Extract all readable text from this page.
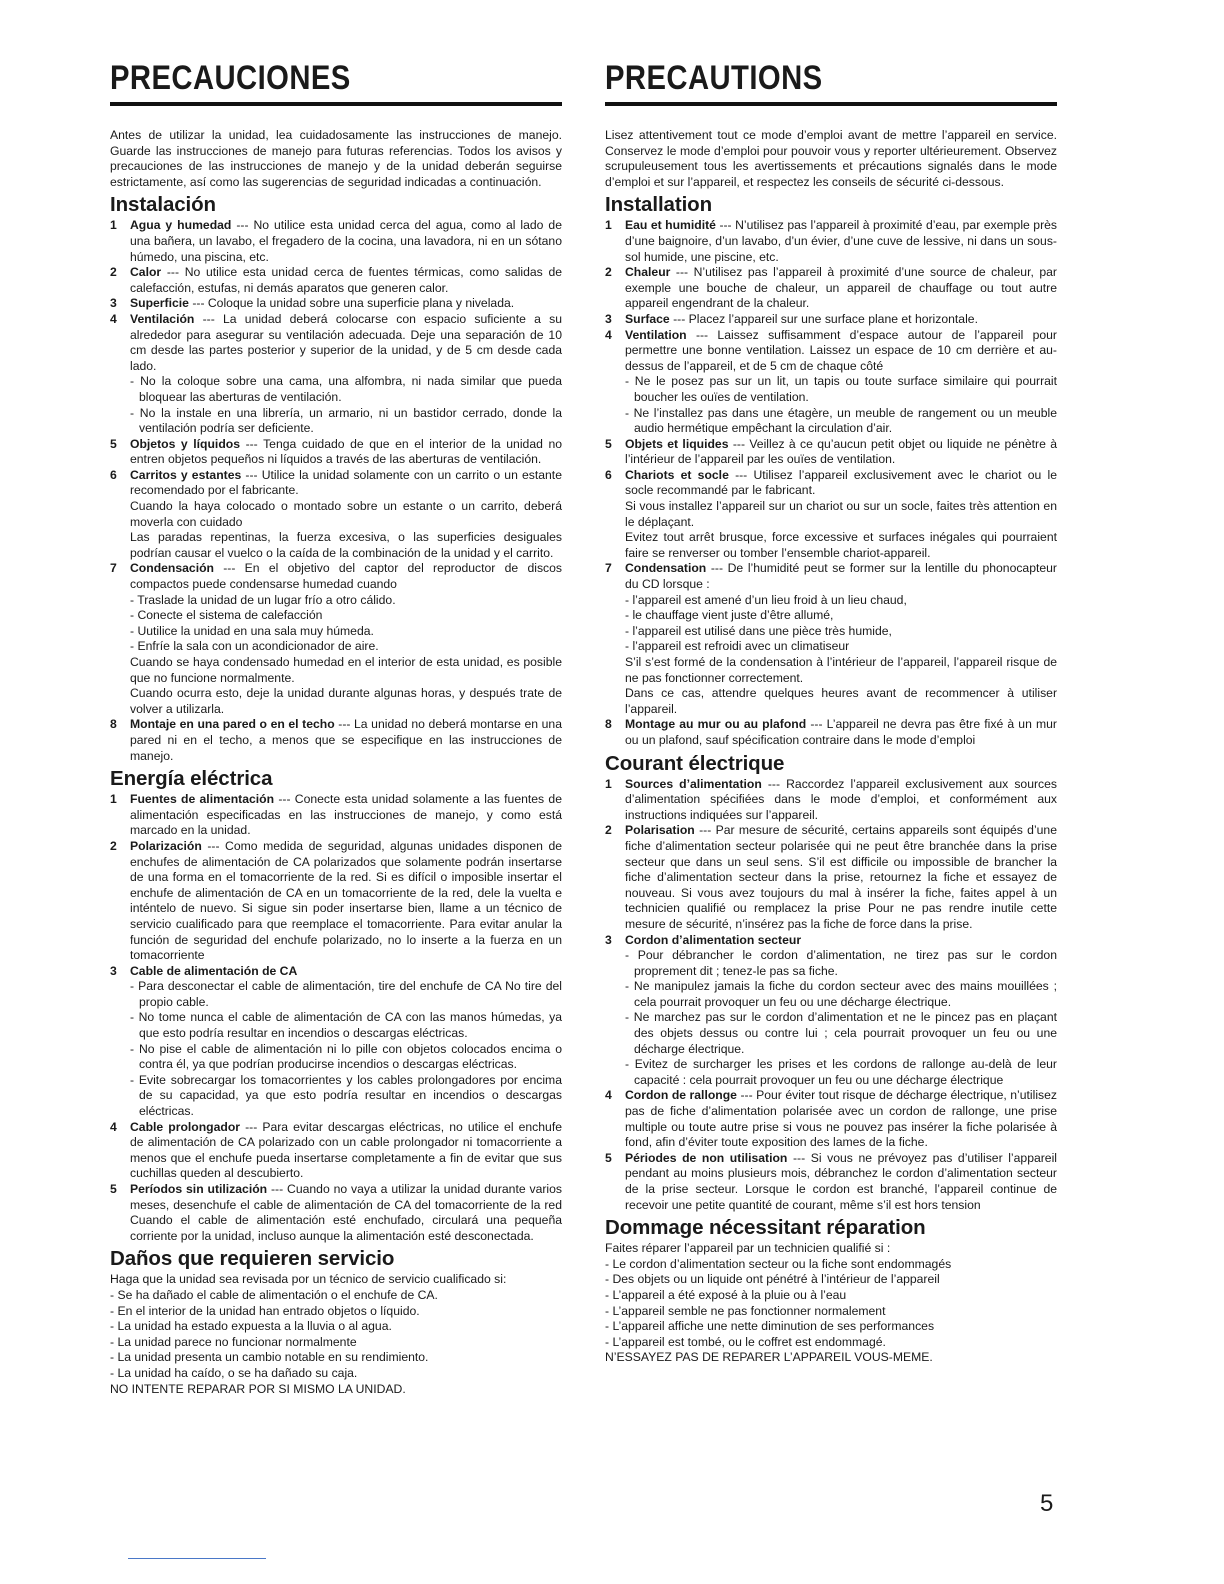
PRECAUCIONES

Antes de utilizar la unidad, lea cuidadosamente las instrucciones de manejo. Guarde las instrucciones de manejo para futuras referencias. Todos los avisos y precauciones de las instrucciones de manejo y de la unidad deberán seguirse estrictamente, así como las sugerencias de seguridad indicadas a continuación.

Instalación
1 Agua y humedad --- No utilice esta unidad cerca del agua, como al lado de una bañera, un lavabo, el fregadero de la cocina, una lavadora, ni en un sótano húmedo, una piscina, etc.
2 Calor --- No utilice esta unidad cerca de fuentes térmicas, como salidas de calefacción, estufas, ni demás aparatos que generen calor.
3 Superficie --- Coloque la unidad sobre una superficie plana y nivelada.
4 Ventilación --- La unidad deberá colocarse con espacio suficiente a su alrededor para asegurar su ventilación adecuada. Deje una separación de 10 cm desde las partes posterior y superior de la unidad, y de 5 cm desde cada lado.
- No la coloque sobre una cama, una alfombra, ni nada similar que pueda bloquear las aberturas de ventilación.
- No la instale en una librería, un armario, ni un bastidor cerrado, donde la ventilación podría ser deficiente.
5 Objetos y líquidos --- Tenga cuidado de que en el interior de la unidad no entren objetos pequeños ni líquidos a través de las aberturas de ventilación.
6 Carritos y estantes --- Utilice la unidad solamente con un carrito o un estante recomendado por el fabricante.
Cuando la haya colocado o montado sobre un estante o un carrito, deberá moverla con cuidado
Las paradas repentinas, la fuerza excesiva, o las superficies desiguales podrían causar el vuelco o la caída de la combinación de la unidad y el carrito.
7 Condensación --- En el objetivo del captor del reproductor de discos compactos puede condensarse humedad cuando
- Traslade la unidad de un lugar frío a otro cálido.
- Conecte el sistema de calefacción
- Uutilice la unidad en una sala muy húmeda.
- Enfríe la sala con un acondicionador de aire.
Cuando se haya condensado humedad en el interior de esta unidad, es posible que no funcione normalmente.
Cuando ocurra esto, deje la unidad durante algunas horas, y después trate de volver a utilizarla.
8 Montaje en una pared o en el techo --- La unidad no deberá montarse en una pared ni en el techo, a menos que se especifique en las instrucciones de manejo.
Energía eléctrica
1 Fuentes de alimentación --- Conecte esta unidad solamente a las fuentes de alimentación especificadas en las instrucciones de manejo, y como está marcado en la unidad.
2 Polarización --- Como medida de seguridad, algunas unidades disponen de enchufes de alimentación de CA polarizados que solamente podrán insertarse de una forma en el tomacorriente de la red. Si es difícil o imposible insertar el enchufe de alimentación de CA en un tomacorriente de la red, dele la vuelta e inténtelo de nuevo. Si sigue sin poder insertarse bien, llame a un técnico de servicio cualificado para que reemplace el tomacorriente. Para evitar anular la función de seguridad del enchufe polarizado, no lo inserte a la fuerza en un tomacorriente
3 Cable de alimentación de CA
- Para desconectar el cable de alimentación, tire del enchufe de CA No tire del propio cable.
- No tome nunca el cable de alimentación de CA con las manos húmedas, ya que esto podría resultar en incendios o descargas eléctricas.
- No pise el cable de alimentación ni lo pille con objetos colocados encima o contra él, ya que podrían producirse incendios o descargas eléctricas.
- Evite sobrecargar los tomacorrientes y los cables prolongadores por encima de su capacidad, ya que esto podría resultar en incendios o descargas eléctricas.
4 Cable prolongador --- Para evitar descargas eléctricas, no utilice el enchufe de alimentación de CA polarizado con un cable prolongador ni tomacorriente a menos que el enchufe pueda insertarse completamente a fin de evitar que sus cuchillas queden al descubierto.
5 Períodos sin utilización --- Cuando no vaya a utilizar la unidad durante varios meses, desenchufe el cable de alimentación de CA del tomacorriente de la red Cuando el cable de alimentación esté enchufado, circulará una pequeña corriente por la unidad, incluso aunque la alimentación esté desconectada.
Daños que requieren servicio

Haga que la unidad sea revisada por un técnico de servicio cualificado si:

- Se ha dañado el cable de alimentación o el enchufe de CA.

- En el interior de la unidad han entrado objetos o líquido.

- La unidad ha estado expuesta a la lluvia o al agua.

- La unidad parece no funcionar normalmente

- La unidad presenta un cambio notable en su rendimiento.

- La unidad ha caído, o se ha dañado su caja.

NO INTENTE REPARAR POR SI MISMO LA UNIDAD.

PRECAUTIONS

Lisez attentivement tout ce mode d’emploi avant de mettre l’appareil en service. Conservez le mode d’emploi pour pouvoir vous y reporter ultérieurement. Observez scrupuleusement tous les avertissements et précautions signalés dans le mode d’emploi et sur l’appareil, et respectez les conseils de sécurité ci-dessous.

Installation
1 Eau et humidité --- N’utilisez pas l’appareil à proximité d’eau, par exemple près d’une baignoire, d’un lavabo, d’un évier, d’une cuve de lessive, ni dans un sous-sol humide, une piscine, etc.
2 Chaleur --- N’utilisez pas l’appareil à proximité d’une source de chaleur, par exemple une bouche de chaleur, un appareil de chauffage ou tout autre appareil engendrant de la chaleur.
3 Surface --- Placez l’appareil sur une surface plane et horizontale.
4 Ventilation --- Laissez suffisamment d’espace autour de l’appareil pour permettre une bonne ventilation. Laissez un espace de 10 cm derrière et au-dessus de l’appareil, et de 5 cm de chaque côté
- Ne le posez pas sur un lit, un tapis ou toute surface similaire qui pourrait boucher les ouïes de ventilation.
- Ne l’installez pas dans une étagère, un meuble de rangement ou un meuble audio hermétique empêchant la circulation d’air.
5 Objets et liquides --- Veillez à ce qu’aucun petit objet ou liquide ne pénètre à l’intérieur de l’appareil par les ouïes de ventilation.
6 Chariots et socle --- Utilisez l’appareil exclusivement avec le chariot ou le socle recommandé par le fabricant.
Si vous installez l’appareil sur un chariot ou sur un socle, faites très attention en le déplaçant.
Evitez tout arrêt brusque, force excessive et surfaces inégales qui pourraient faire se renverser ou tomber l’ensemble chariot-appareil.
7 Condensation --- De l’humidité peut se former sur la lentille du phonocapteur du CD lorsque :
- l’appareil est amené d’un lieu froid à un lieu chaud,
- le chauffage vient juste d’être allumé,
- l’appareil est utilisé dans une pièce très humide,
- l’appareil est refroidi avec un climatiseur
S’il s’est formé de la condensation à l’intérieur de l’appareil, l’appareil risque de ne pas fonctionner correctement.
Dans ce cas, attendre quelques heures avant de recommencer à utiliser l’appareil.
8 Montage au mur ou au plafond --- L’appareil ne devra pas être fixé à un mur ou un plafond, sauf spécification contraire dans le mode d’emploi
Courant électrique
1 Sources d’alimentation --- Raccordez l’appareil exclusivement aux sources d’alimentation spécifiées dans le mode d’emploi, et conformément aux instructions indiquées sur l’appareil.
2 Polarisation --- Par mesure de sécurité, certains appareils sont équipés d’une fiche d’alimentation secteur polarisée qui ne peut être branchée dans la prise secteur que dans un seul sens. S’il est difficile ou impossible de brancher la fiche d’alimentation secteur dans la prise, retournez la fiche et essayez de nouveau. Si vous avez toujours du mal à insérer la fiche, faites appel à un technicien qualifié ou remplacez la prise Pour ne pas rendre inutile cette mesure de sécurité, n’insérez pas la fiche de force dans la prise.
3 Cordon d’alimentation secteur
- Pour débrancher le cordon d’alimentation, ne tirez pas sur le cordon proprement dit ; tenez-le pas sa fiche.
- Ne manipulez jamais la fiche du cordon secteur avec des mains mouillées ; cela pourrait provoquer un feu ou une décharge électrique.
- Ne marchez pas sur le cordon d’alimentation et ne le pincez pas en plaçant des objets dessus ou contre lui ; cela pourrait provoquer un feu ou une décharge électrique.
- Evitez de surcharger les prises et les cordons de rallonge au-delà de leur capacité : cela pourrait provoquer un feu ou une décharge électrique
4 Cordon de rallonge --- Pour éviter tout risque de décharge électrique, n’utilisez pas de fiche d’alimentation polarisée avec un cordon de rallonge, une prise multiple ou toute autre prise si vous ne pouvez pas insérer la fiche polarisée à fond, afin d’éviter toute exposition des lames de la fiche.
5 Périodes de non utilisation --- Si vous ne prévoyez pas d’utiliser l’appareil pendant au moins plusieurs mois, débranchez le cordon d’alimentation secteur de la prise secteur. Lorsque le cordon est branché, l’appareil continue de recevoir une petite quantité de courant, même s’il est hors tension
Dommage nécessitant réparation

Faites réparer l’appareil par un technicien qualifié si :

- Le cordon d’alimentation secteur ou la fiche sont endommagés

- Des objets ou un liquide ont pénétré à l’intérieur de l’appareil

- L’appareil a été exposé à la pluie ou à l’eau

- L’appareil semble ne pas fonctionner normalement

- L’appareil affiche une nette diminution de ses performances

- L’appareil est tombé, ou le coffret est endommagé.

N’ESSAYEZ PAS DE REPARER L’APPAREIL VOUS-MEME.

5
